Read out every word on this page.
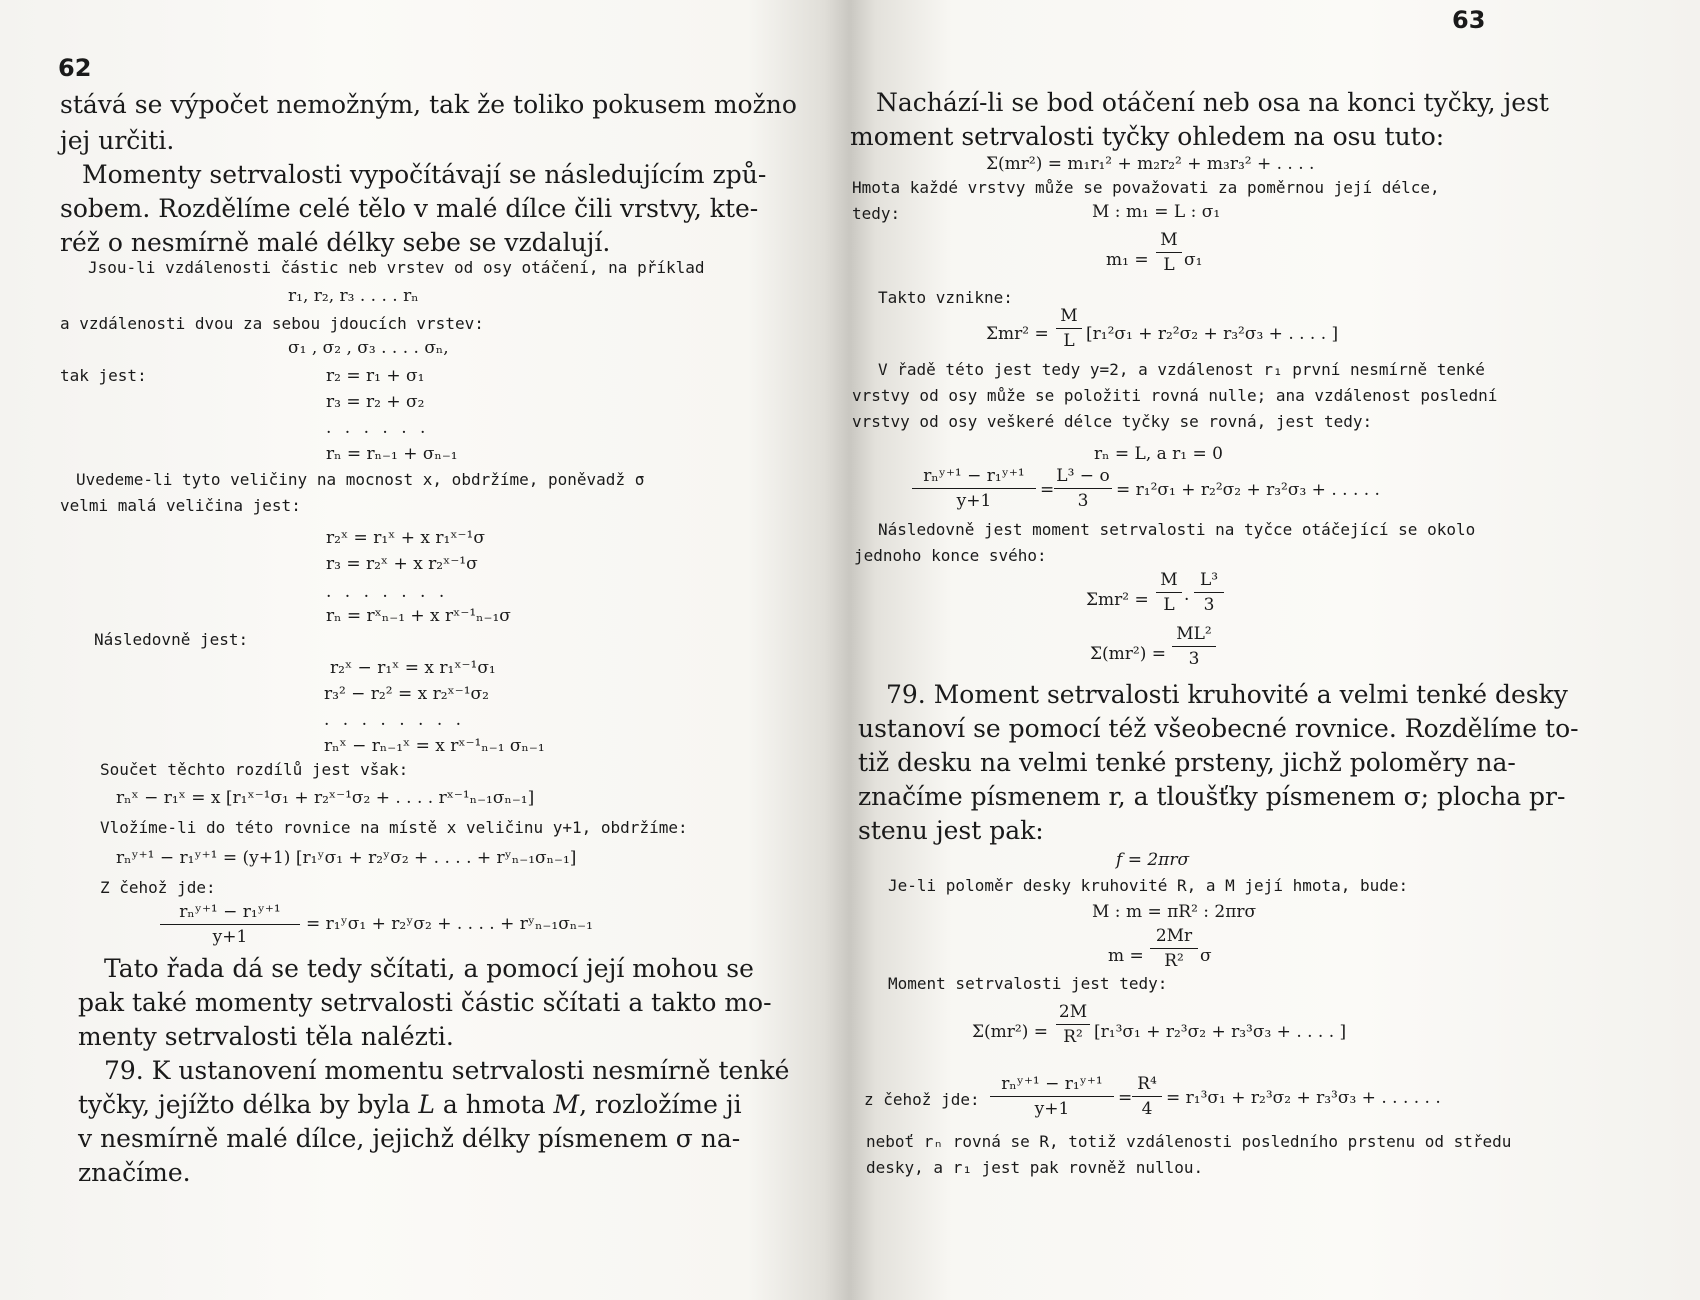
62
stává se výpočet nemožným, tak že toliko pokusem možno
jej určiti.
Momenty setrvalosti vypočítávají se následujícím způ-
sobem. Rozdělíme celé tělo v malé dílce čili vrstvy, kte-
réž o nesmírně malé délky sebe se vzdalují.
Jsou-li vzdálenosti částic neb vrstev od osy otáčení, na příklad
r₁, r₂, r₃ . . . . rₙ
a vzdálenosti dvou za sebou jdoucích vrstev:
σ₁ , σ₂ , σ₃ . . . . σₙ,
tak jest:	r₂ = r₁ + σ₁
r₃ = r₂ + σ₂
. . . . . .
rₙ = rₙ₋₁ + σₙ₋₁
Uvedeme-li tyto veličiny na mocnost x, obdržíme, poněvadž σ
velmi malá veličina jest:
r₂ˣ = r₁ˣ + x r₁ˣ⁻¹σ
r₃ = r₂ˣ + x r₂ˣ⁻¹σ
. . . . . . .
rₙ = rˣₙ₋₁ + x rˣ⁻¹ₙ₋₁σ
Následovně jest:
r₂ˣ − r₁ˣ = x r₁ˣ⁻¹σ₁
r₃² − r₂² = x r₂ˣ⁻¹σ₂
. . . . . . . .
rₙˣ − rₙ₋₁ˣ = x rˣ⁻¹ₙ₋₁ σₙ₋₁
Součet těchto rozdílů jest však:
rₙˣ − r₁ˣ = x [r₁ˣ⁻¹σ₁ + r₂ˣ⁻¹σ₂ + . . . . rˣ⁻¹ₙ₋₁σₙ₋₁]
Vložíme-li do této rovnice na místě x veličinu y+1, obdržíme:
rₙʸ⁺¹ − r₁ʸ⁺¹ = (y+1) [r₁ʸσ₁ + r₂ʸσ₂ + . . . . + rʸₙ₋₁σₙ₋₁]
Z čehož jde:
rₙʸ⁺¹ − r₁ʸ⁺¹
y+1
= r₁ʸσ₁ + r₂ʸσ₂ + . . . . + rʸₙ₋₁σₙ₋₁
Tato řada dá se tedy sčítati, a pomocí její mohou se
pak také momenty setrvalosti částic sčítati a takto mo-
menty setrvalosti těla nalézti.
79. K ustanovení momentu setrvalosti nesmírně tenké
tyčky, jejížto délka by byla L a hmota M, rozložíme ji
v nesmírně malé dílce, jejichž délky písmenem σ na-
značíme.
63
Nachází-li se bod otáčení neb osa na konci tyčky, jest
moment setrvalosti tyčky ohledem na osu tuto:
Σ(mr²) = m₁r₁² + m₂r₂² + m₃r₃² + . . . .
Hmota každé vrstvy může se považovati za poměrnou její délce,
tedy:	M : m₁ = L : σ₁
$m_1 = \frac{M}{L} \sigma_1$
Takto vznikne:
$\Sigma mr^2 = \frac{M}{L} [r_1^2\sigma_1 + r_2^2\sigma_2 + r_3^2\sigma_3$ + . . . . ]
V řadě této jest tedy y=2, a vzdálenost r₁ první nesmírně tenké
vrstvy od osy může se položiti rovná nulle; ana vzdálenost poslední
vrstvy od osy veškeré délce tyčky se rovná, jest tedy:
rₙ = L, a r₁ = 0
rₙʸ⁺¹ − r₁ʸ⁺¹
y+1
= $\frac{\text{L³ − o}}{3} = r_1^2\sigma_1 + r_2^2\sigma_2 + r_3^2\sigma_3$ + . . . . .
Následovně jest moment setrvalosti na tyčce otáčející se okolo
jednoho konce svého:
$\Sigma mr^2 = \frac{M}{L} \cdot \frac{\text{L³}}{3}$
$\Sigma(mr^2) = \frac{\text{ML²}}{3}$
79. Moment setrvalosti kruhovité a velmi tenké desky
ustanoví se pomocí též všeobecné rovnice. Rozdělíme to-
tiž desku na velmi tenké prsteny, jichž poloměry na-
značíme písmenem r, a tloušťky písmenem σ; plocha pr-
stenu jest pak:
f = 2πrσ
Je-li poloměr desky kruhovité R, a M její hmota, bude:
M : m = πR² : 2πrσ
$m = \frac{2Mr}{\text{R²}}$ σ
Moment setrvalosti jest tedy:
$\Sigma(mr^2) = \frac{2M}{\text{R²}} [r_1^3\sigma_1 + r_2^3\sigma_2 + r_3^3\sigma_3$ + . . . . ]
z čehož jde:
rₙʸ⁺¹ − r₁ʸ⁺¹
y+1
= $\frac{\text{R⁴}}{4} = r_1^3\sigma_1 + r_2^3\sigma_2 + r_3^3\sigma_3$ + . . . . . .
neboť rₙ rovná se R, totiž vzdálenosti posledního prstenu od středu
desky, a r₁ jest pak rovněž nullou.
